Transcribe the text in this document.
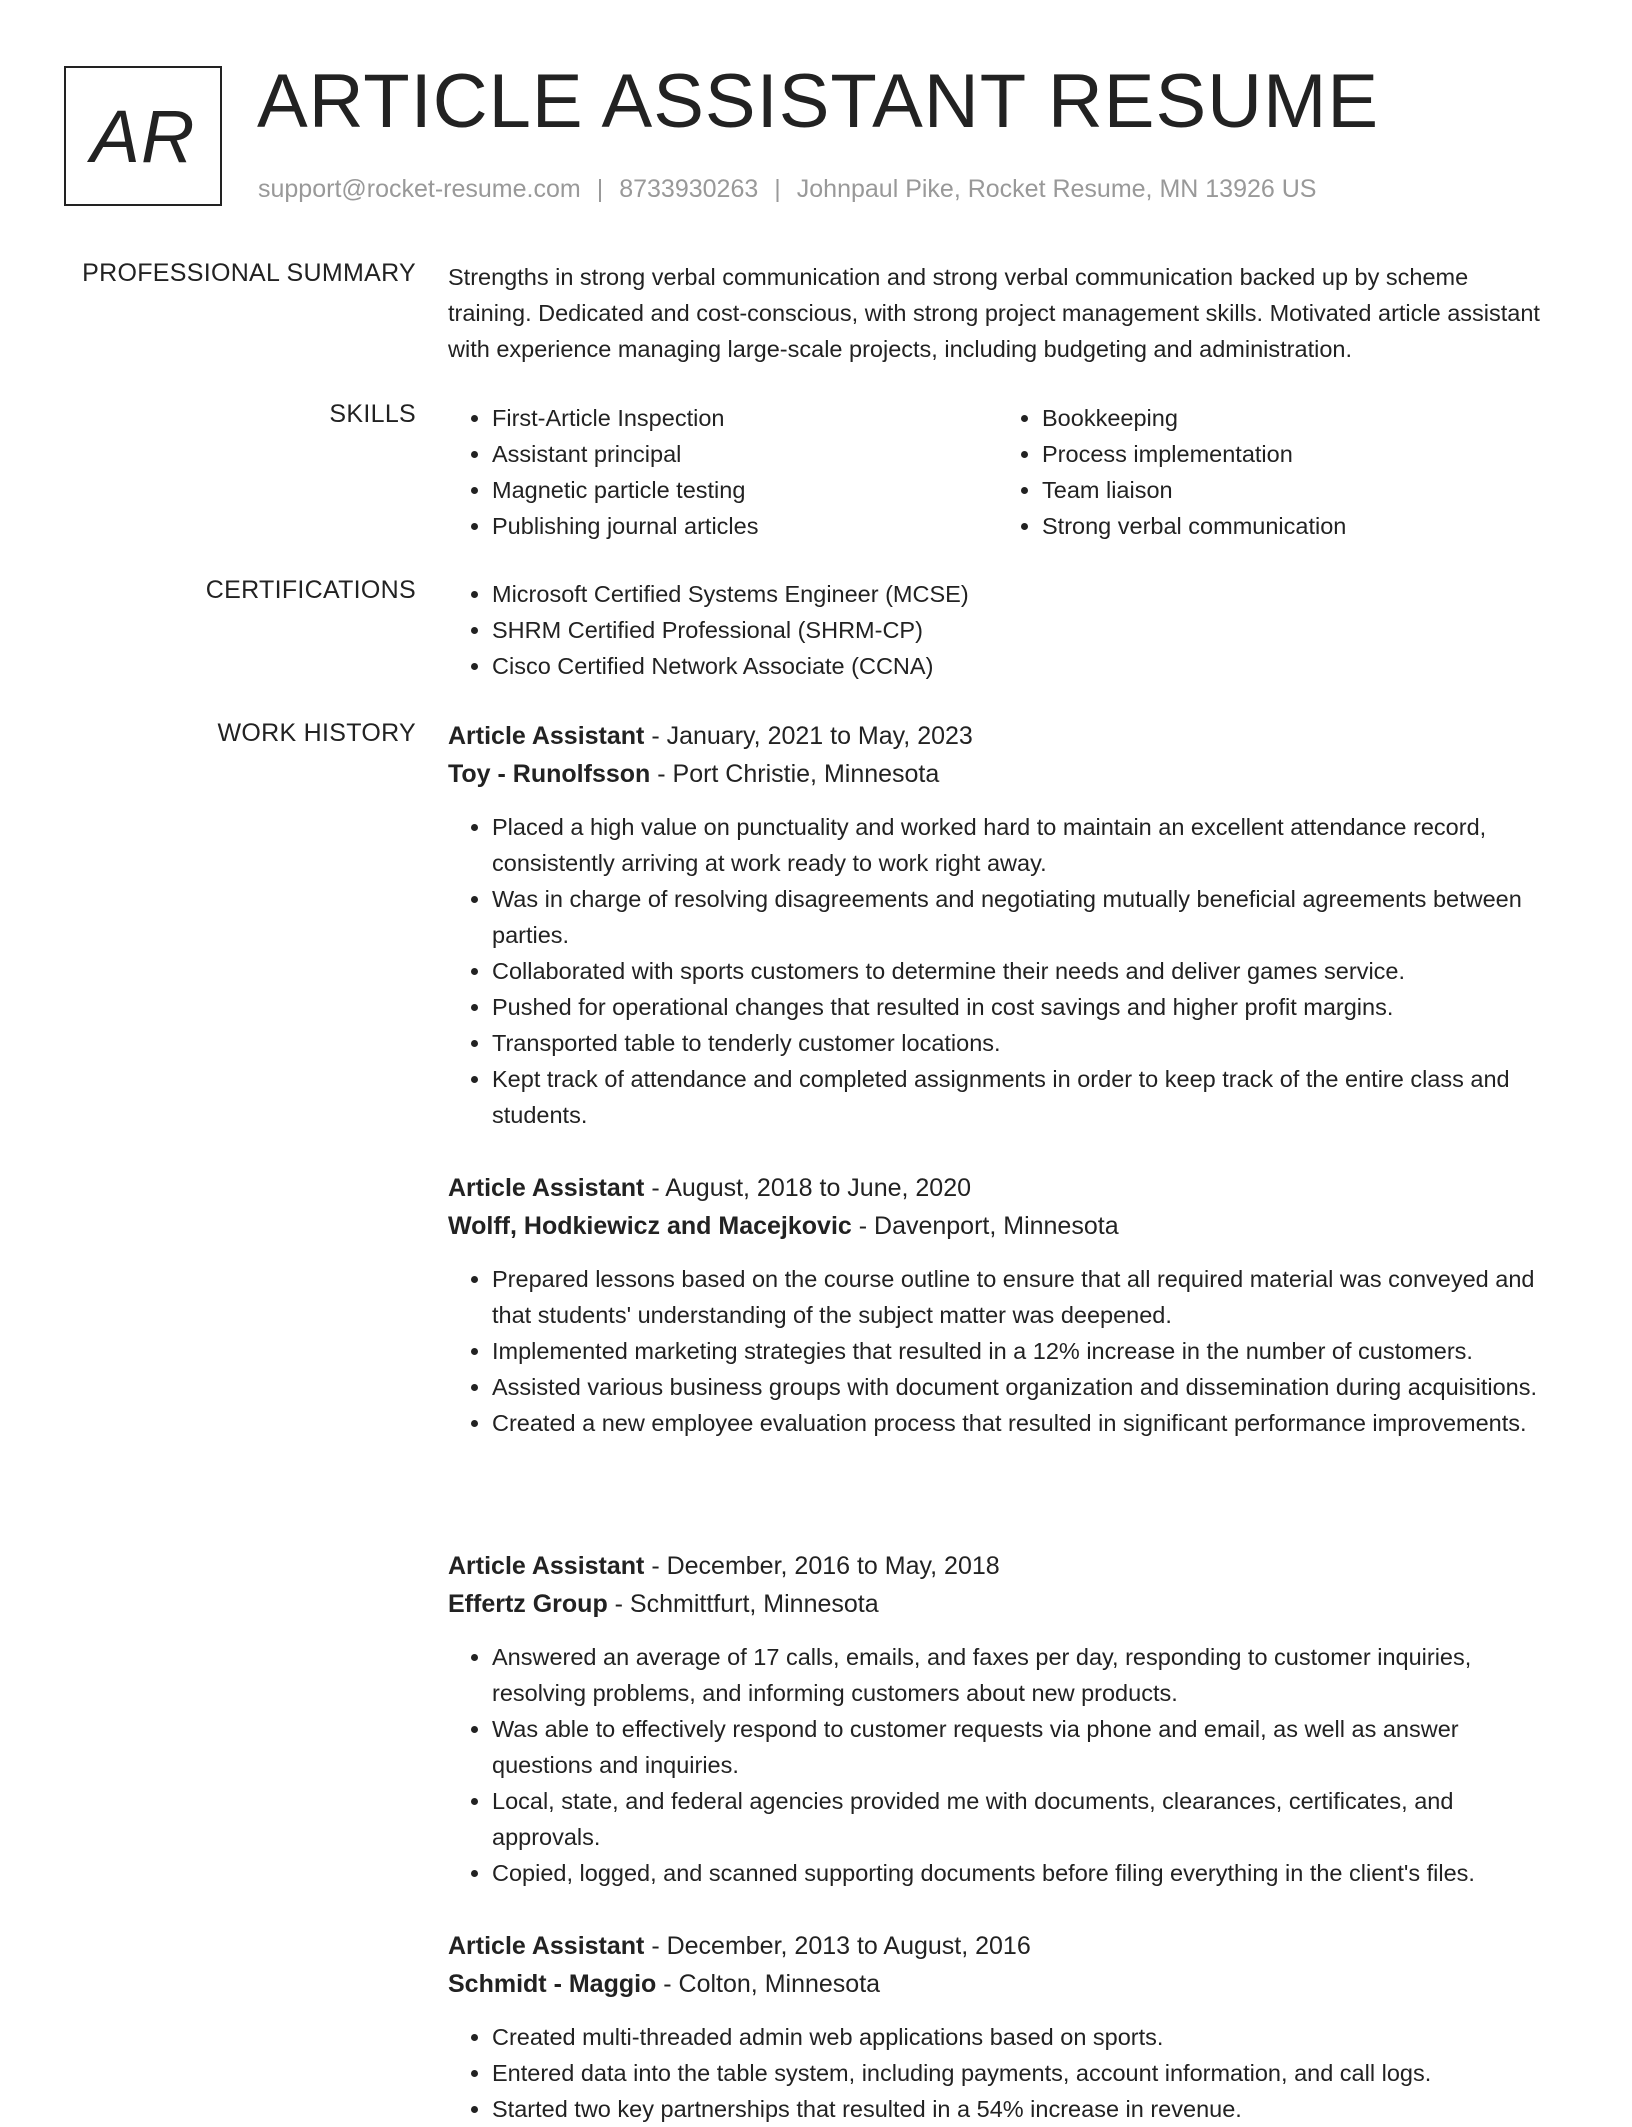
AR ARTICLE ASSISTANT RESUME
support@rocket-resume.com | 8733930263 | Johnpaul Pike, Rocket Resume, MN 13926 US
PROFESSIONAL SUMMARY Strengths in strong verbal communication and strong verbal communication backed up by scheme training. Dedicated and cost-conscious, with strong project management skills. Motivated article assistant with experience managing large-scale projects, including budgeting and administration.
SKILLS	• First-Article Inspection
• Assistant principal
• Magnetic particle testing
• Publishing journal articles
• Bookkeeping
• Process implementation
• Team liaison
• Strong verbal communication
CERTIFICATIONS	• Microsoft Certified Systems Engineer (MCSE)
• SHRM Certified Professional (SHRM-CP)
• Cisco Certified Network Associate (CCNA)
WORK HISTORY Article Assistant - January, 2021 to May, 2023
Toy - Runolfsson - Port Christie, Minnesota
• Placed a high value on punctuality and worked hard to maintain an excellent attendance record, consistently arriving at work ready to work right away.
• Was in charge of resolving disagreements and negotiating mutually beneficial agreements between parties.
• Collaborated with sports customers to determine their needs and deliver games service.
• Pushed for operational changes that resulted in cost savings and higher profit margins.
• Transported table to tenderly customer locations.
• Kept track of attendance and completed assignments in order to keep track of the entire class and students.
Article Assistant - August, 2018 to June, 2020
Wolff, Hodkiewicz and Macejkovic - Davenport, Minnesota
• Prepared lessons based on the course outline to ensure that all required material was conveyed and that students' understanding of the subject matter was deepened.
• Implemented marketing strategies that resulted in a 12% increase in the number of customers.
• Assisted various business groups with document organization and dissemination during acquisitions.
• Created a new employee evaluation process that resulted in significant performance improvements.
Article Assistant - December, 2016 to May, 2018
Effertz Group - Schmittfurt, Minnesota
• Answered an average of 17 calls, emails, and faxes per day, responding to customer inquiries, resolving problems, and informing customers about new products.
• Was able to effectively respond to customer requests via phone and email, as well as answer questions and inquiries.
• Local, state, and federal agencies provided me with documents, clearances, certificates, and approvals.
• Copied, logged, and scanned supporting documents before filing everything in the client's files.
Article Assistant - December, 2013 to August, 2016
Schmidt - Maggio - Colton, Minnesota
• Created multi-threaded admin web applications based on sports.
• Entered data into the table system, including payments, account information, and call logs.
• Started two key partnerships that resulted in a 54% increase in revenue.
